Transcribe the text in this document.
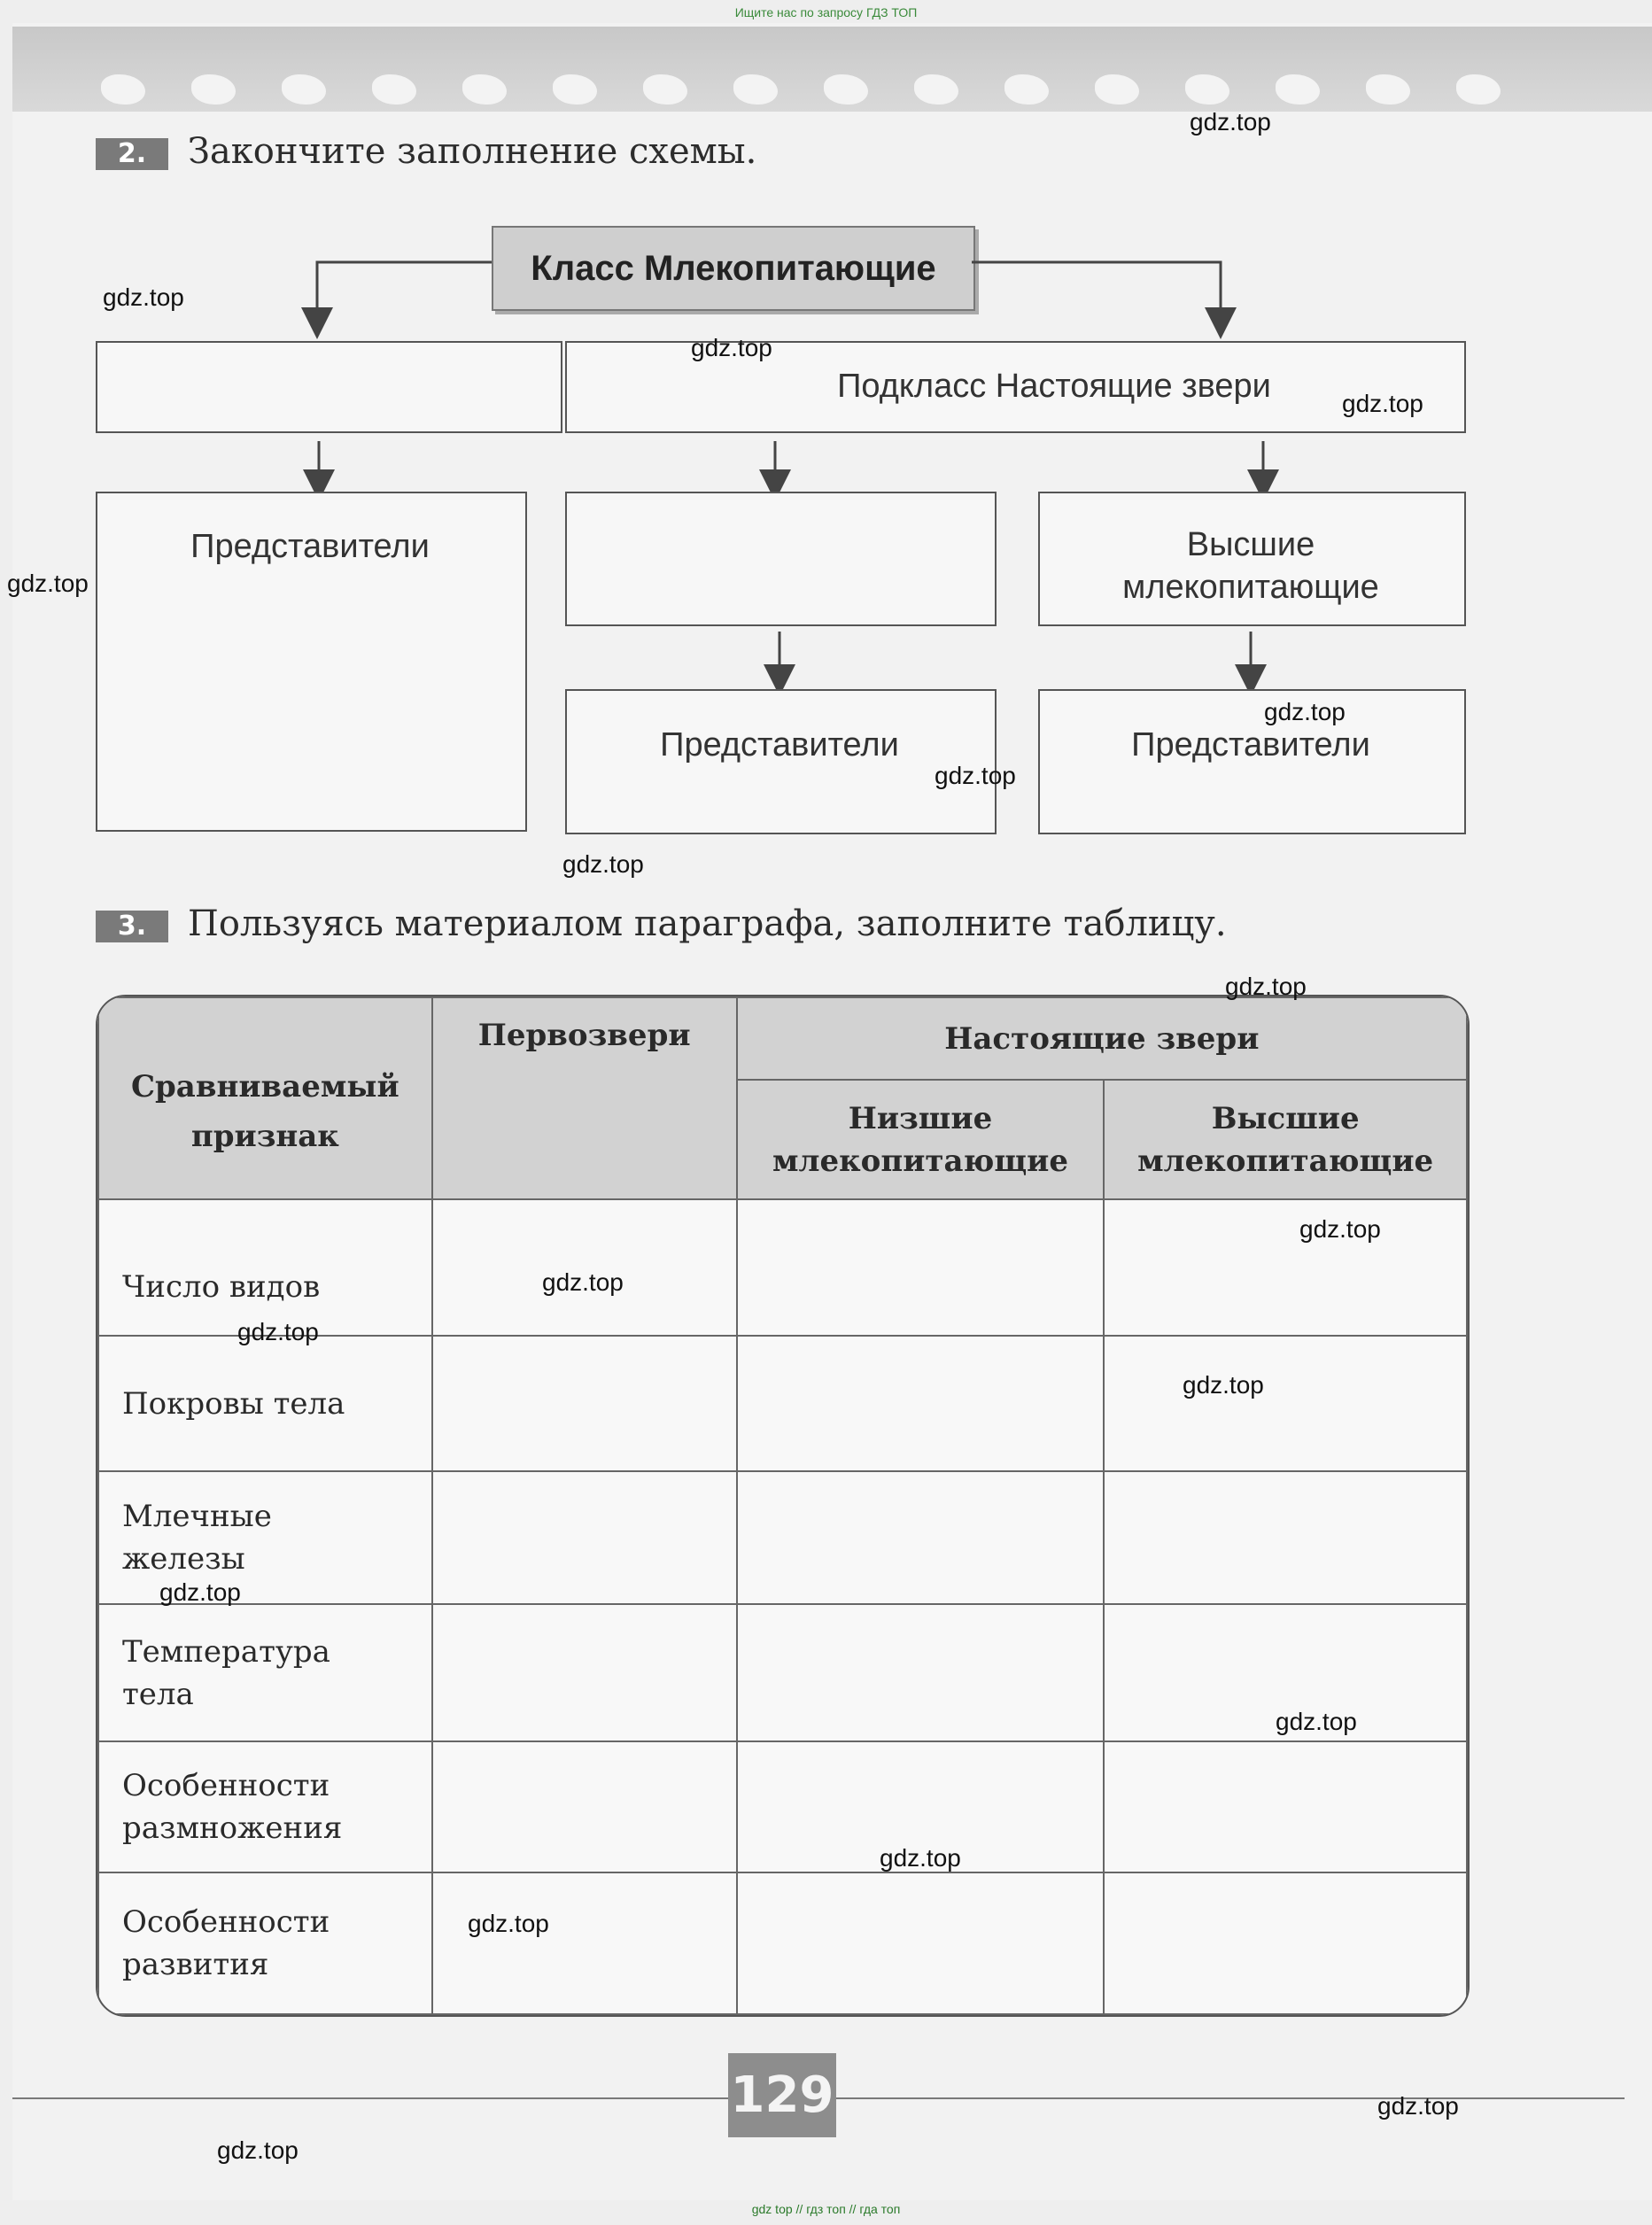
Ищите нас по запросу ГДЗ ТОП

2.	Закончите заполнение схемы.
Класс Млекопитающие
Подкласс Настоящие звери
Представители	Высшие млекопитающие
Представители	Представители
3.	Пользуясь материалом параграфа, заполните таблицу.
Сравниваемый признак	Первозвери	Настоящие звери	
		Низшие млекопитающие	Высшие млекопитающие
Число видов			
Покровы тела			
Млечные железы			
Температура тела			
Особенности размножения			
Особенности развития			
129
gdz top // гдз топ // гда топ
gdz.top
gdz.top
gdz.top
gdz.top
gdz.top
gdz.top
gdz.top
gdz.top
gdz.top
gdz.top
gdz.top
gdz.top
gdz.top
gdz.top
gdz.top
gdz.top
gdz.top
gdz.top
gdz.top
